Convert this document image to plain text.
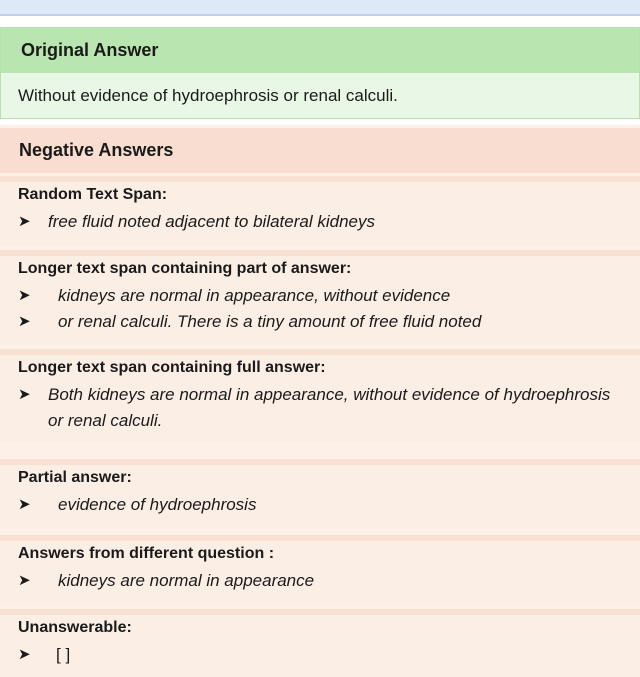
Original Answer
Without evidence of hydroephrosis or renal calculi.
Negative Answers
Random Text Span:
➤	free fluid noted adjacent to bilateral kidneys
Longer text span containing part of answer:
➤	kidneys are normal in appearance, without evidence
➤	or renal calculi. There is a tiny amount of free fluid noted
Longer text span containing full answer:
➤	Both kidneys are normal in appearance, without evidence of hydroephrosis or renal calculi.
Partial answer:
➤	evidence of hydroephrosis
Answers from different question :
➤	kidneys are normal in appearance
Unanswerable:
➤	[ ]
